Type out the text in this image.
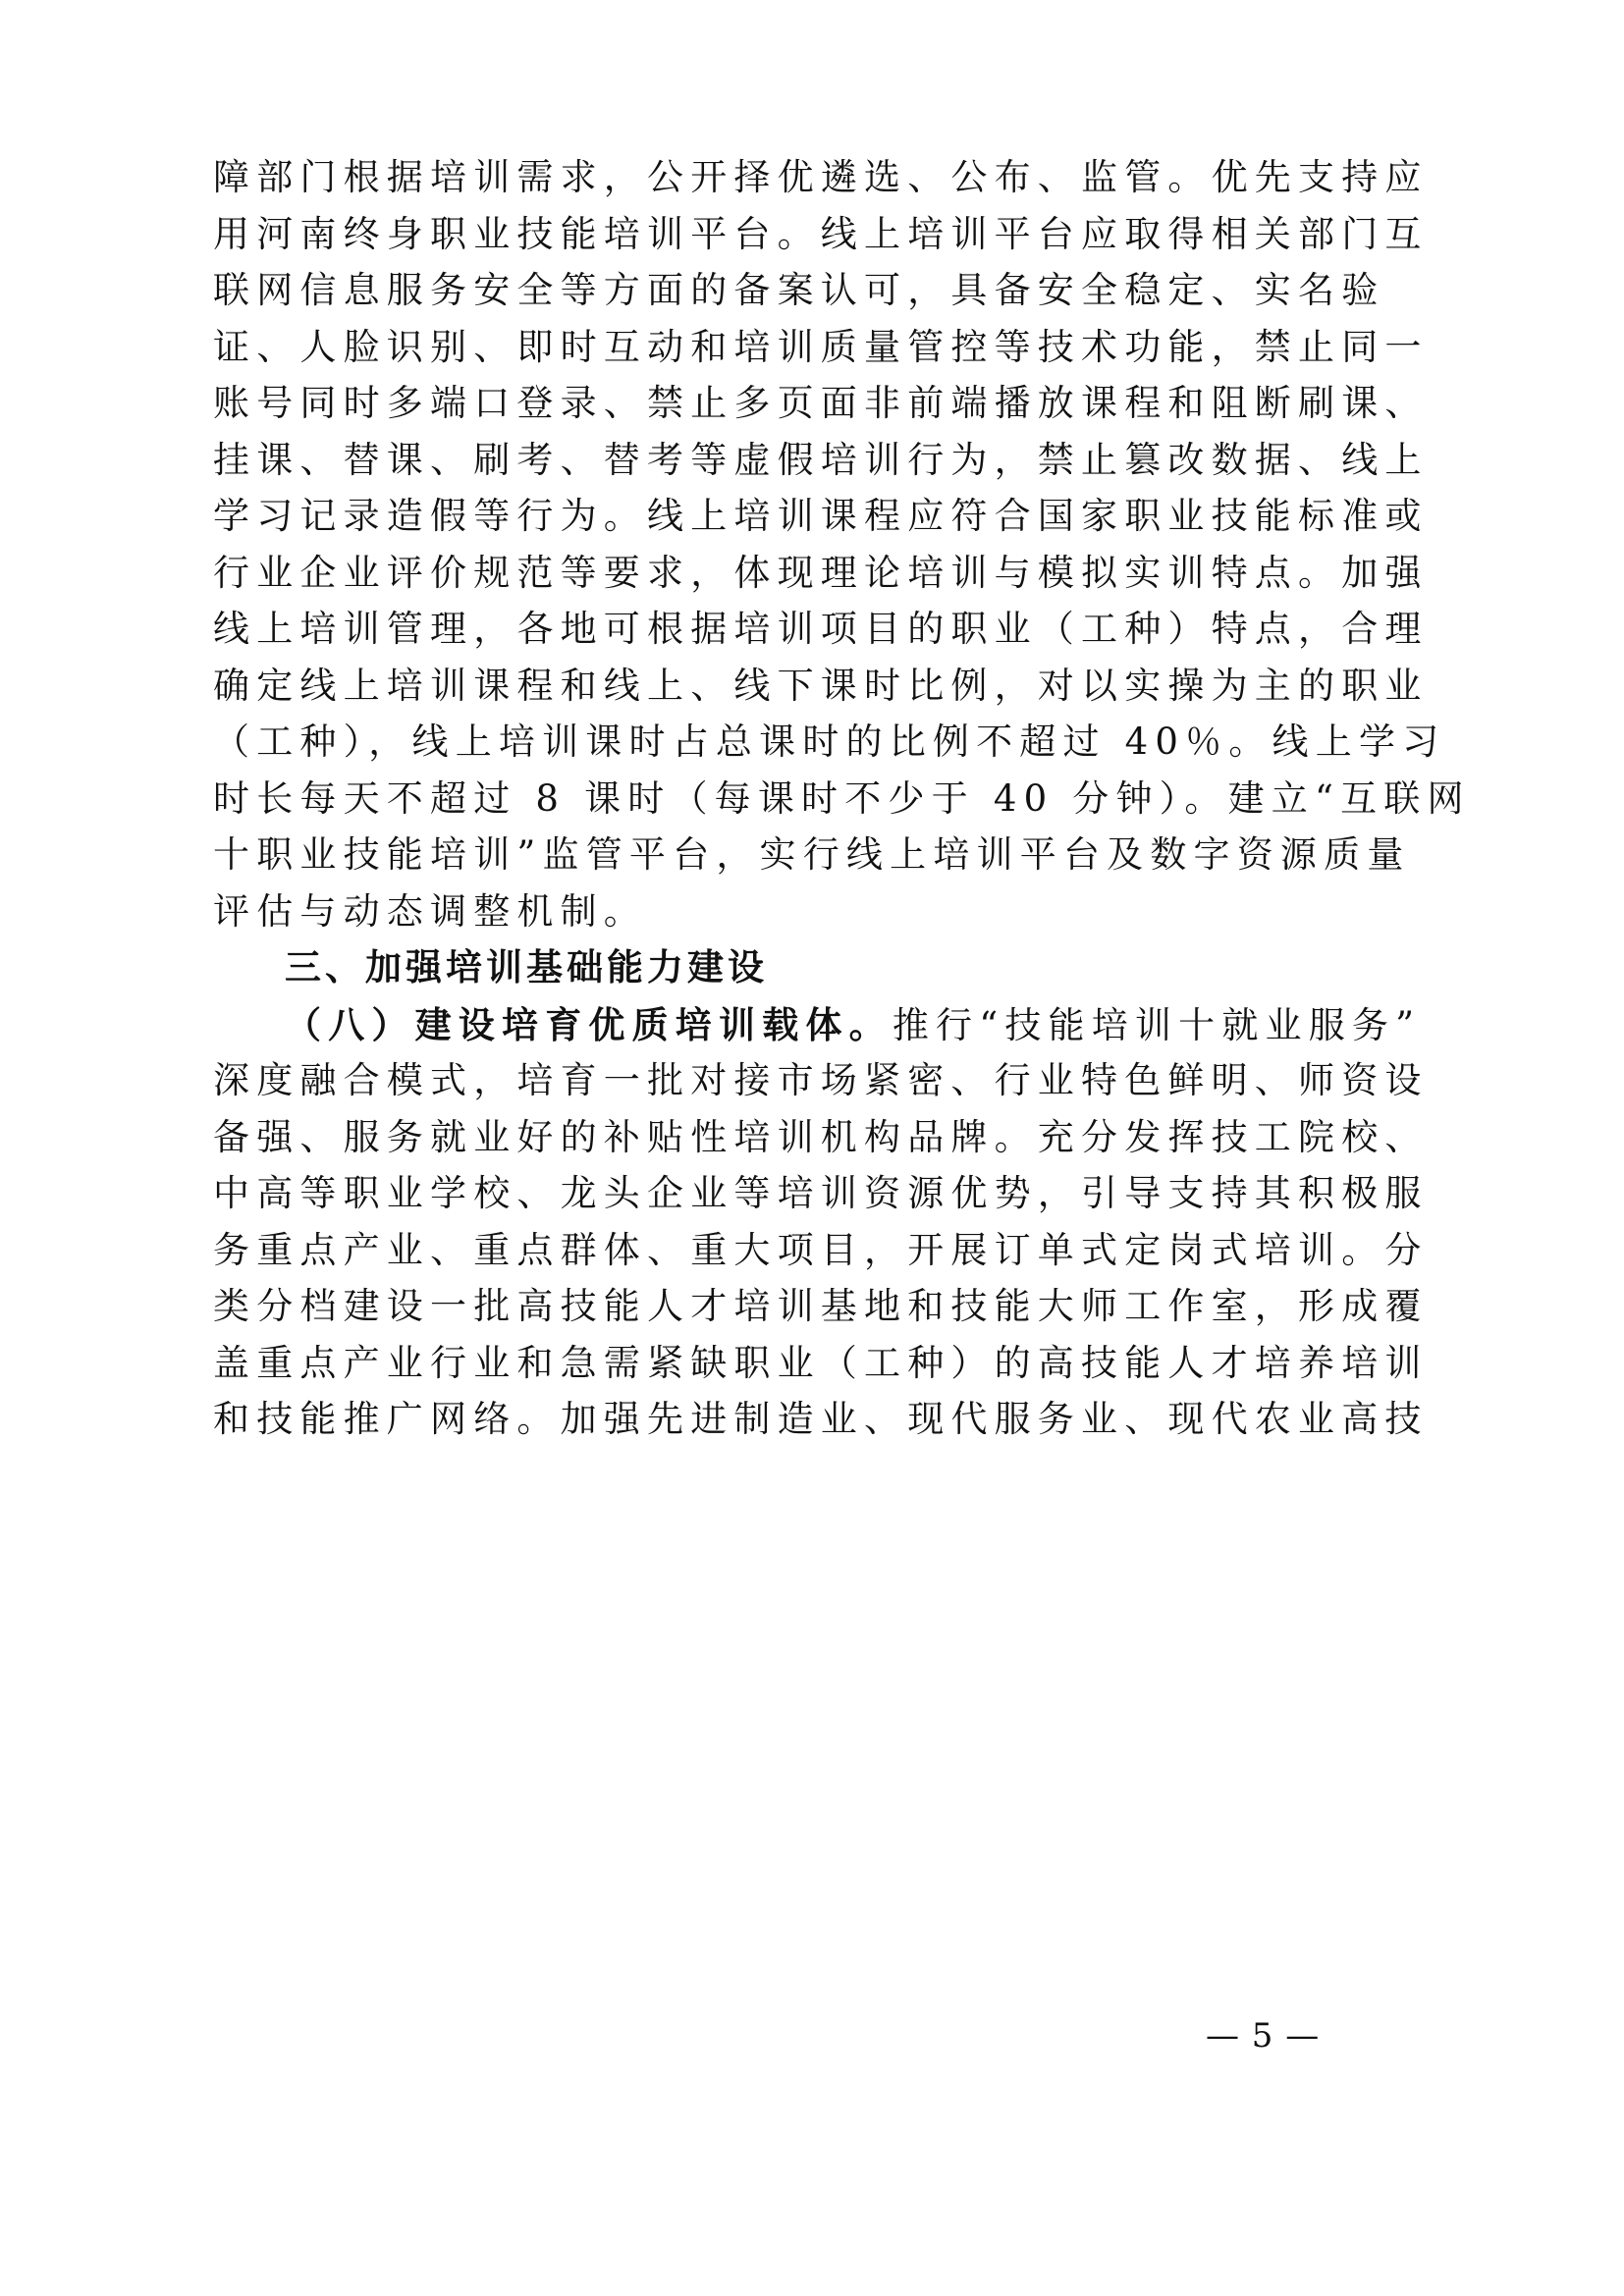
障部门根据培训需求，公开择优遴选、公布、监管。优先支持应
用河南终身职业技能培训平台。线上培训平台应取得相关部门互
联网信息服务安全等方面的备案认可，具备安全稳定、实名验
证、人脸识别、即时互动和培训质量管控等技术功能，禁止同一
账号同时多端口登录、禁止多页面非前端播放课程和阻断刷课、
挂课、替课、刷考、替考等虚假培训行为，禁止篡改数据、线上
学习记录造假等行为。线上培训课程应符合国家职业技能标准或
行业企业评价规范等要求，体现理论培训与模拟实训特点。加强
线上培训管理，各地可根据培训项目的职业（工种）特点，合理
确定线上培训课程和线上、线下课时比例，对以实操为主的职业
（工种），线上培训课时占总课时的比例不超过 40％。线上学习
时长每天不超过 8 课时（每课时不少于 40 分钟）。建立“互联网
十职业技能培训”监管平台，实行线上培训平台及数字资源质量
评估与动态调整机制。
三、加强培训基础能力建设
（八）建设培育优质培训载体。推行“技能培训十就业服务”
深度融合模式，培育一批对接市场紧密、行业特色鲜明、师资设
备强、服务就业好的补贴性培训机构品牌。充分发挥技工院校、
中高等职业学校、龙头企业等培训资源优势，引导支持其积极服
务重点产业、重点群体、重大项目，开展订单式定岗式培训。分
类分档建设一批高技能人才培训基地和技能大师工作室，形成覆
盖重点产业行业和急需紧缺职业（工种）的高技能人才培养培训
和技能推广网络。加强先进制造业、现代服务业、现代农业高技
— 5 —
